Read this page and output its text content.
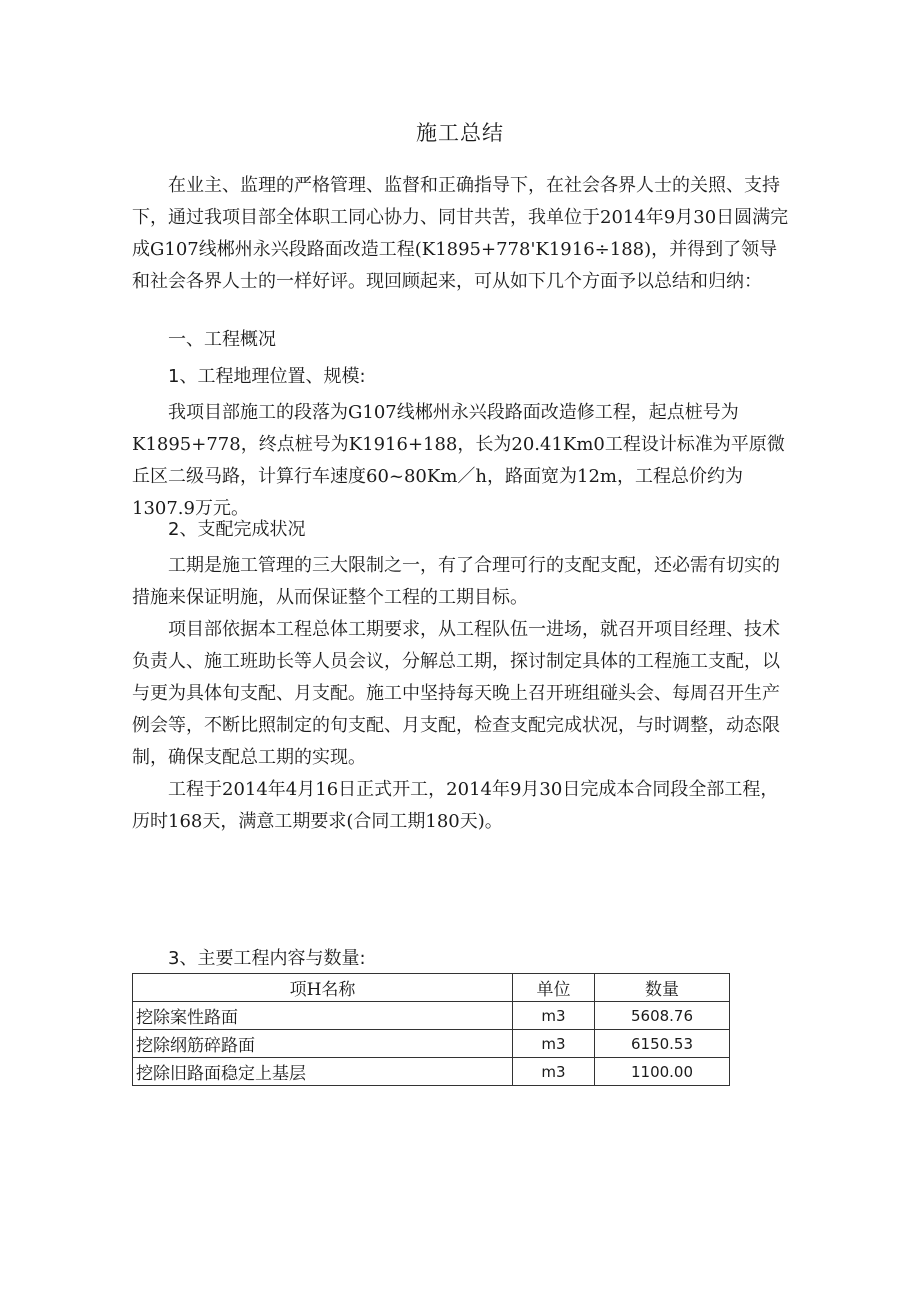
施工总结

在业主、监理的严格管理、监督和正确指导下，在社会各界人士的关照、支持下，通过我项目部全体职工同心协力、同甘共苦，我单位于2014年9月30日圆满完成G107线郴州永兴段路面改造工程(K1895+778'K1916÷188)，并得到了领导和社会各界人士的一样好评。现回顾起来，可从如下几个方面予以总结和归纳：

一、工程概况
1、工程地理位置、规模:

我项目部施工的段落为G107线郴州永兴段路面改造修工程，起点桩号为K1895+778，终点桩号为K1916+188，长为20.41Km0工程设计标准为平原微丘区二级马路，计算行车速度60~80Km／h，路面宽为12m，工程总价约为1307.9万元。

2、支配完成状况

工期是施工管理的三大限制之一，有了合理可行的支配支配，还必需有切实的措施来保证明施，从而保证整个工程的工期目标。

项目部依据本工程总体工期要求，从工程队伍一进场，就召开项目经理、技术负责人、施工班助长等人员会议，分解总工期，探讨制定具体的工程施工支配，以与更为具体旬支配、月支配。施工中坚持每天晚上召开班组碰头会、每周召开生产例会等，不断比照制定的旬支配、月支配，检查支配完成状况，与时调整，动态限制，确保支配总工期的实现。

工程于2014年4月16日正式开工，2014年9月30日完成本合同段全部工程，历时168天，满意工期要求(合同工期180天)。

3、主要工程内容与数量:
项H名称	单位	数量
挖除案性路面	m3	5608.76
挖除纲筋碎路面	m3	6150.53
挖除旧路面稳定上基层	m3	1100.00
